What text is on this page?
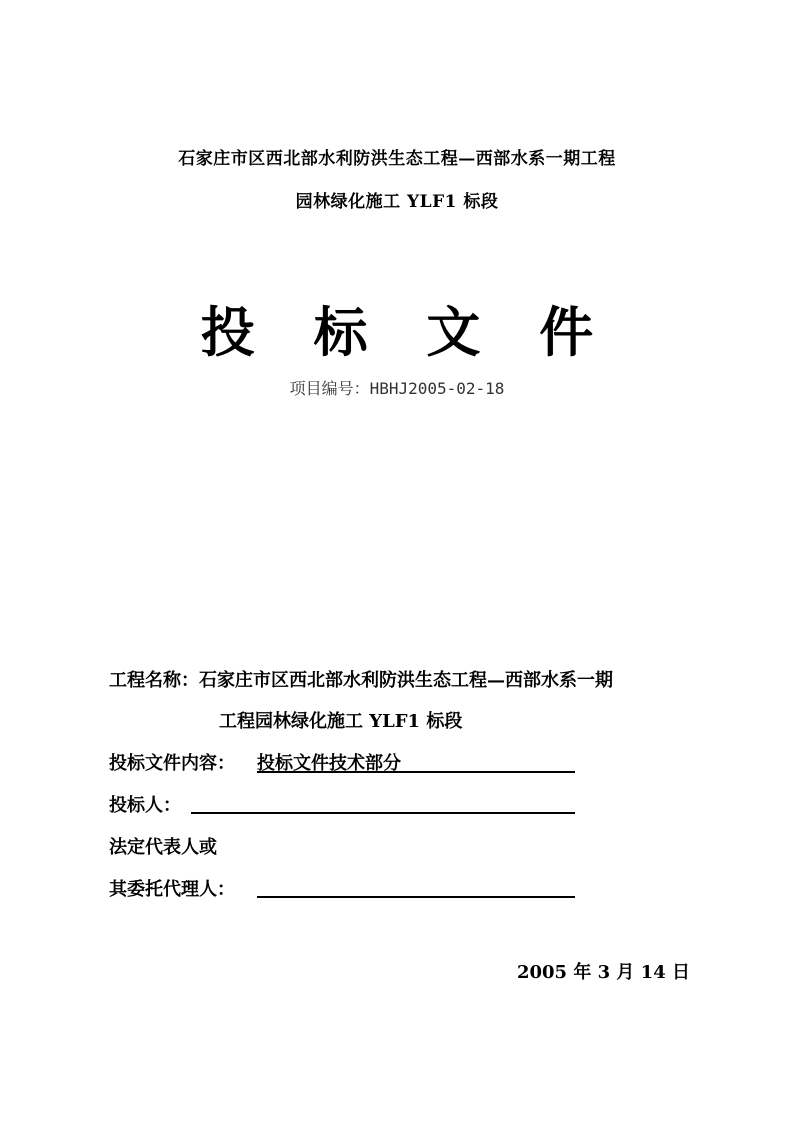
石家庄市区西北部水利防洪生态工程—西部水系一期工程
园林绿化施工 YLF1 标段
投 标 文 件
项目编号：HBHJ2005-02-18
工程名称：石家庄市区西北部水利防洪生态工程—西部水系一期
工程园林绿化施工 YLF1 标段
投标文件内容： 投标文件技术部分
投标人：
法定代表人或
其委托代理人：
2005 年 3 月 14 日
